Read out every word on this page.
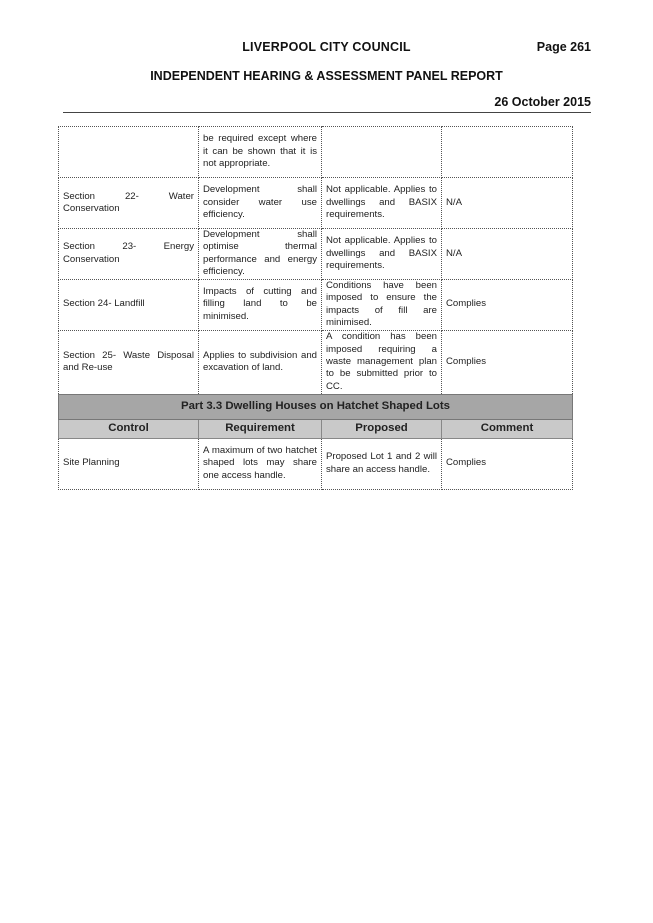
LIVERPOOL CITY COUNCIL	Page 261
INDEPENDENT HEARING & ASSESSMENT PANEL REPORT
26 October 2015
	be required except where it can be shown that it is not appropriate.		
Section 22- Water Conservation	Development shall consider water use efficiency.	Not applicable. Applies to dwellings and BASIX requirements.	N/A
Section 23- Energy Conservation	Development shall optimise thermal performance and energy efficiency.	Not applicable. Applies to dwellings and BASIX requirements.	N/A
Section 24- Landfill	Impacts of cutting and filling land to be minimised.	Conditions have been imposed to ensure the impacts of fill are minimised.	Complies
Section 25- Waste Disposal and Re-use	Applies to subdivision and excavation of land.	A condition has been imposed requiring a waste management plan to be submitted prior to CC.	Complies
Part 3.3 Dwelling Houses on Hatchet Shaped Lots			
Control	Requirement	Proposed	Comment
Site Planning	A maximum of two hatchet shaped lots may share one access handle.	Proposed Lot 1 and 2 will share an access handle.	Complies
